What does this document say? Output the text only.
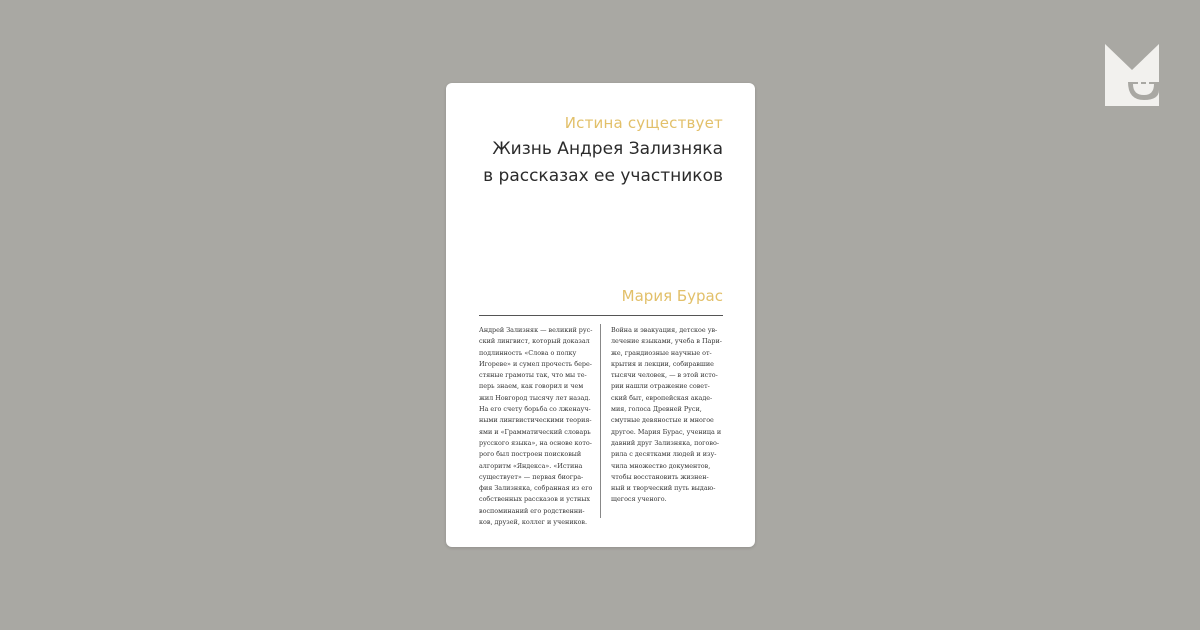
Истина существует
Жизнь Андрея Зализняка
в рассказах ее участников
Мария Бурас
Андрей Зализняк — великий рус-
ский лингвист, который доказал
подлинность «Слова о полку
Игореве» и сумел прочесть бере-
стяные грамоты так, что мы те-
перь знаем, как говорил и чем
жил Новгород тысячу лет назад.
На его счету борьба со лженауч-
ными лингвистическими теория-
ями и «Грамматический словарь
русского языка», на основе кото-
рого был построен поисковый
алгоритм «Яндекса». «Истина
существует» — первая биогра-
фия Зализняка, собранная из его
собственных рассказов и устных
воспоминаний его родственни-
ков, друзей, коллег и учеников.
Война и эвакуация, детское ув-
лечение языками, учеба в Пари-
же, грандиозные научные от-
крытия и лекции, собиравшие
тысячи человек, — в этой исто-
рии нашли отражение совет-
ский быт, европейская акаде-
мия, голоса Древней Руси,
смутные девяностые и многое
другое. Мария Бурас, ученица и
давний друг Зализняка, погово-
рила с десятками людей и изу-
чила множество документов,
чтобы восстановить жизнен-
ный и творческий путь выдаю-
щегося ученого.
